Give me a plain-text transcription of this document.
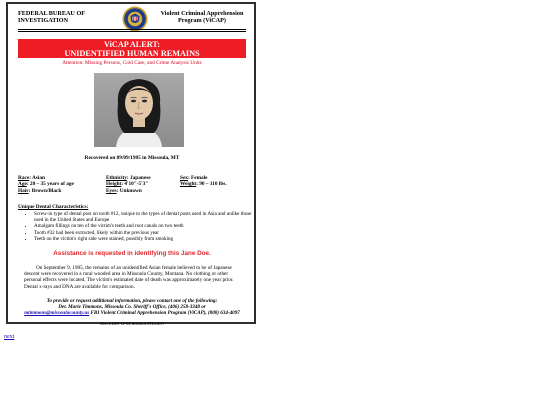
FEDERAL BUREAU OF
INVESTIGATION
Violent Criminal Apprehension
Program (ViCAP)
ViCAP ALERT:
UNIDENTIFIED HUMAN REMAINS
Attention: Missing Persons, Cold Case, and Crime Analysis Units
Recovered on 09/09/1985 in Missoula, MT
Race: Asian
Age: 20 – 35 years of age
Hair: Brown/Black
Ethnicity: Japanese
Height: 4'10"-5'3"
Eyes: Unknown
Sex: Female
Weight: 90 – 110 lbs.
Unique Dental Characteristics:
• Screw-in type of dental post on tooth #12, unique to the types of dental posts used in Asia and unlike those used in the United States and Europe
• Amalgam fillings on ten of the victim's teeth and root canals on two teeth
• Tooth #32 had been extracted, likely within the previous year
• Teeth on the victim's right side were stained, possibly from smoking
Assistance is requested in identifying this Jane Doe.

On September 9, 1985, the remains of an unidentified Asian female believed to be of Japanese descent were recovered in a rural wooded area in Missoula County, Montana. No clothing or other personal effects were located. The victim's estimated date of death was approximately one year prior. Dental x-rays and DNA are available for comparison.

To provide or request additional information, please contact one of the following:
Det. Marie Timmons, Missoula Co. Sheriff's Office, (406) 258-3348 or
mtimmons@missoulacounty.us FBI Violent Criminal Apprehension Program (ViCAP), (800) 634-4097
Alert # 2009-12-04, Released 05/23/2017
next
